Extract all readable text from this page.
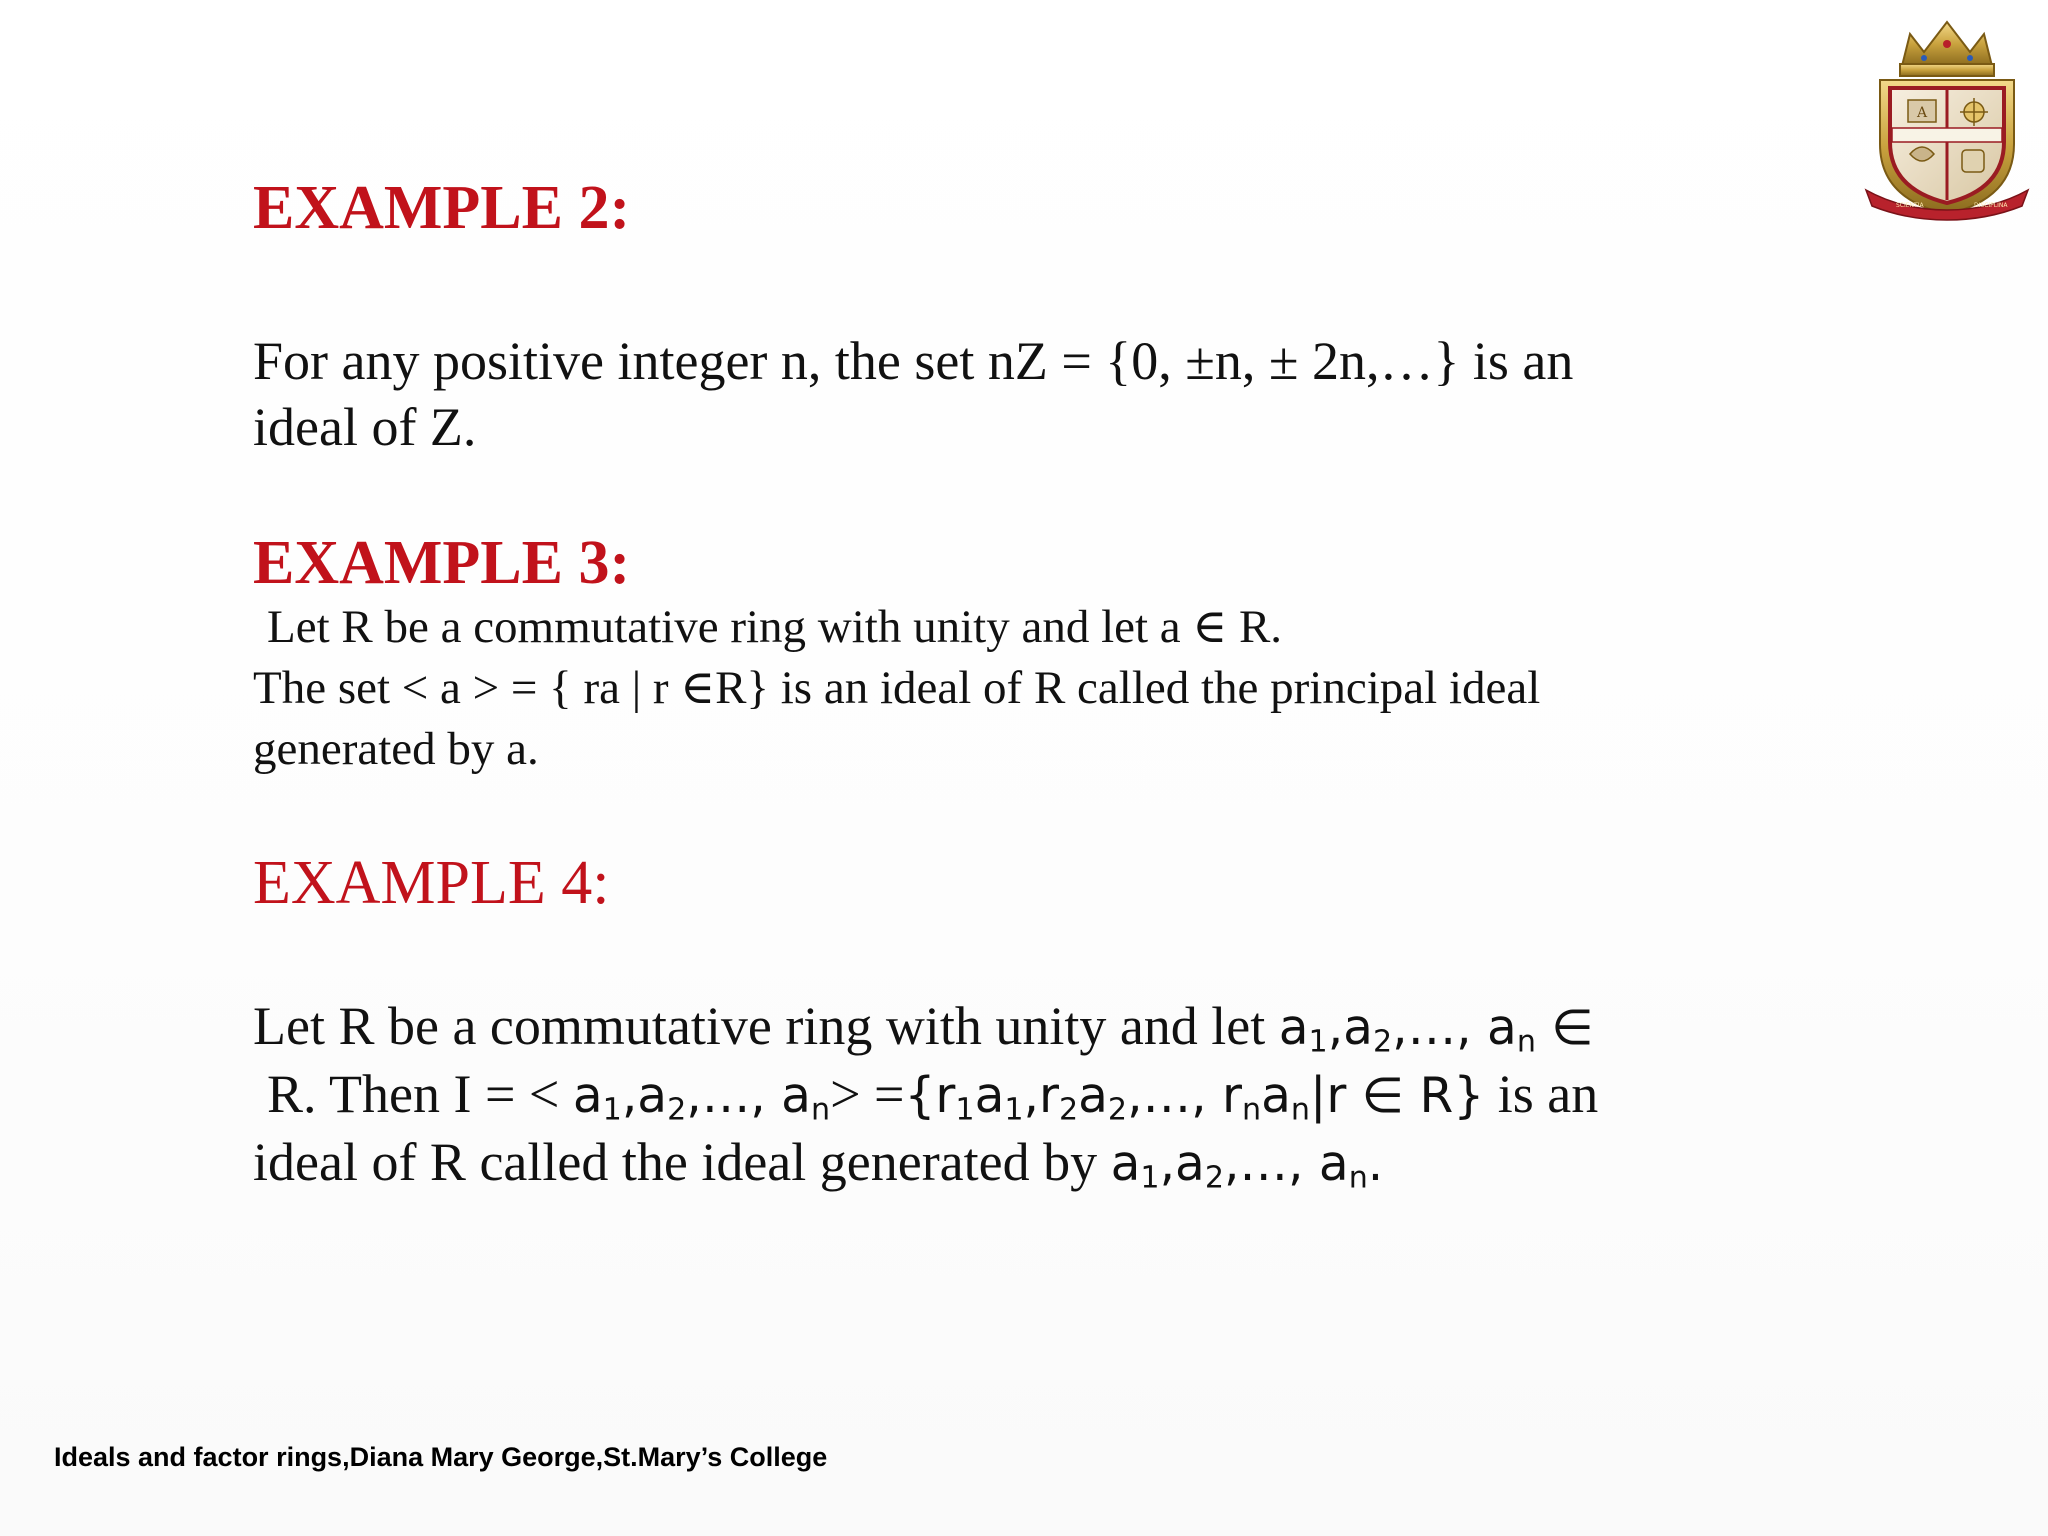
A
SCIENTIA	DISCIPLINA
EXAMPLE 2:

For any positive integer n, the set nZ = {0, ±n, ± 2n,…} is an

ideal of Z.

EXAMPLE 3:

Let R be a commutative ring with unity and let a ∈ R.

The set < a > = { ra | r ∈R} is an ideal of R called the principal ideal

generated by a.

EXAMPLE 4:

Let R be a commutative ring with unity and let $a_1,a_2,\dots$, $a_n$ ∈

R. Then I = < $a_1,a_2,\dots$, $a_n>$ $=\{r_1a_1,r_2a_2,\dots$, $r_na_n|r$ ∈ R} is an

ideal of R called the ideal generated by $a_1,a_2,\dots$, $a_n$.

Ideals and factor rings,Diana Mary George,St.Mary’s College
